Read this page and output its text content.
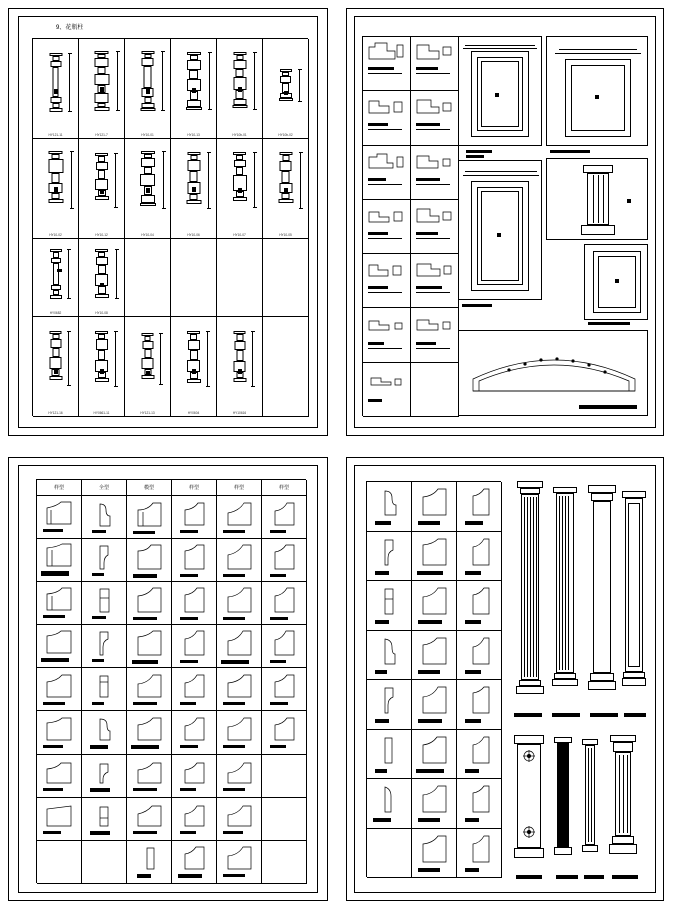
9、花瓶柱
HY121-11	HY121-7	HY10-01	HY10-13	HY10b-01	HY10b-02
HY10-02	HY10-12	HY10-04	HY10-06	HY10-07	HY10-05
HY0682	HY10-08
HY121-16	HY0661-11	HY121-13	HY0604	HY10616
样型	全型	模型	样型	样型	样型
